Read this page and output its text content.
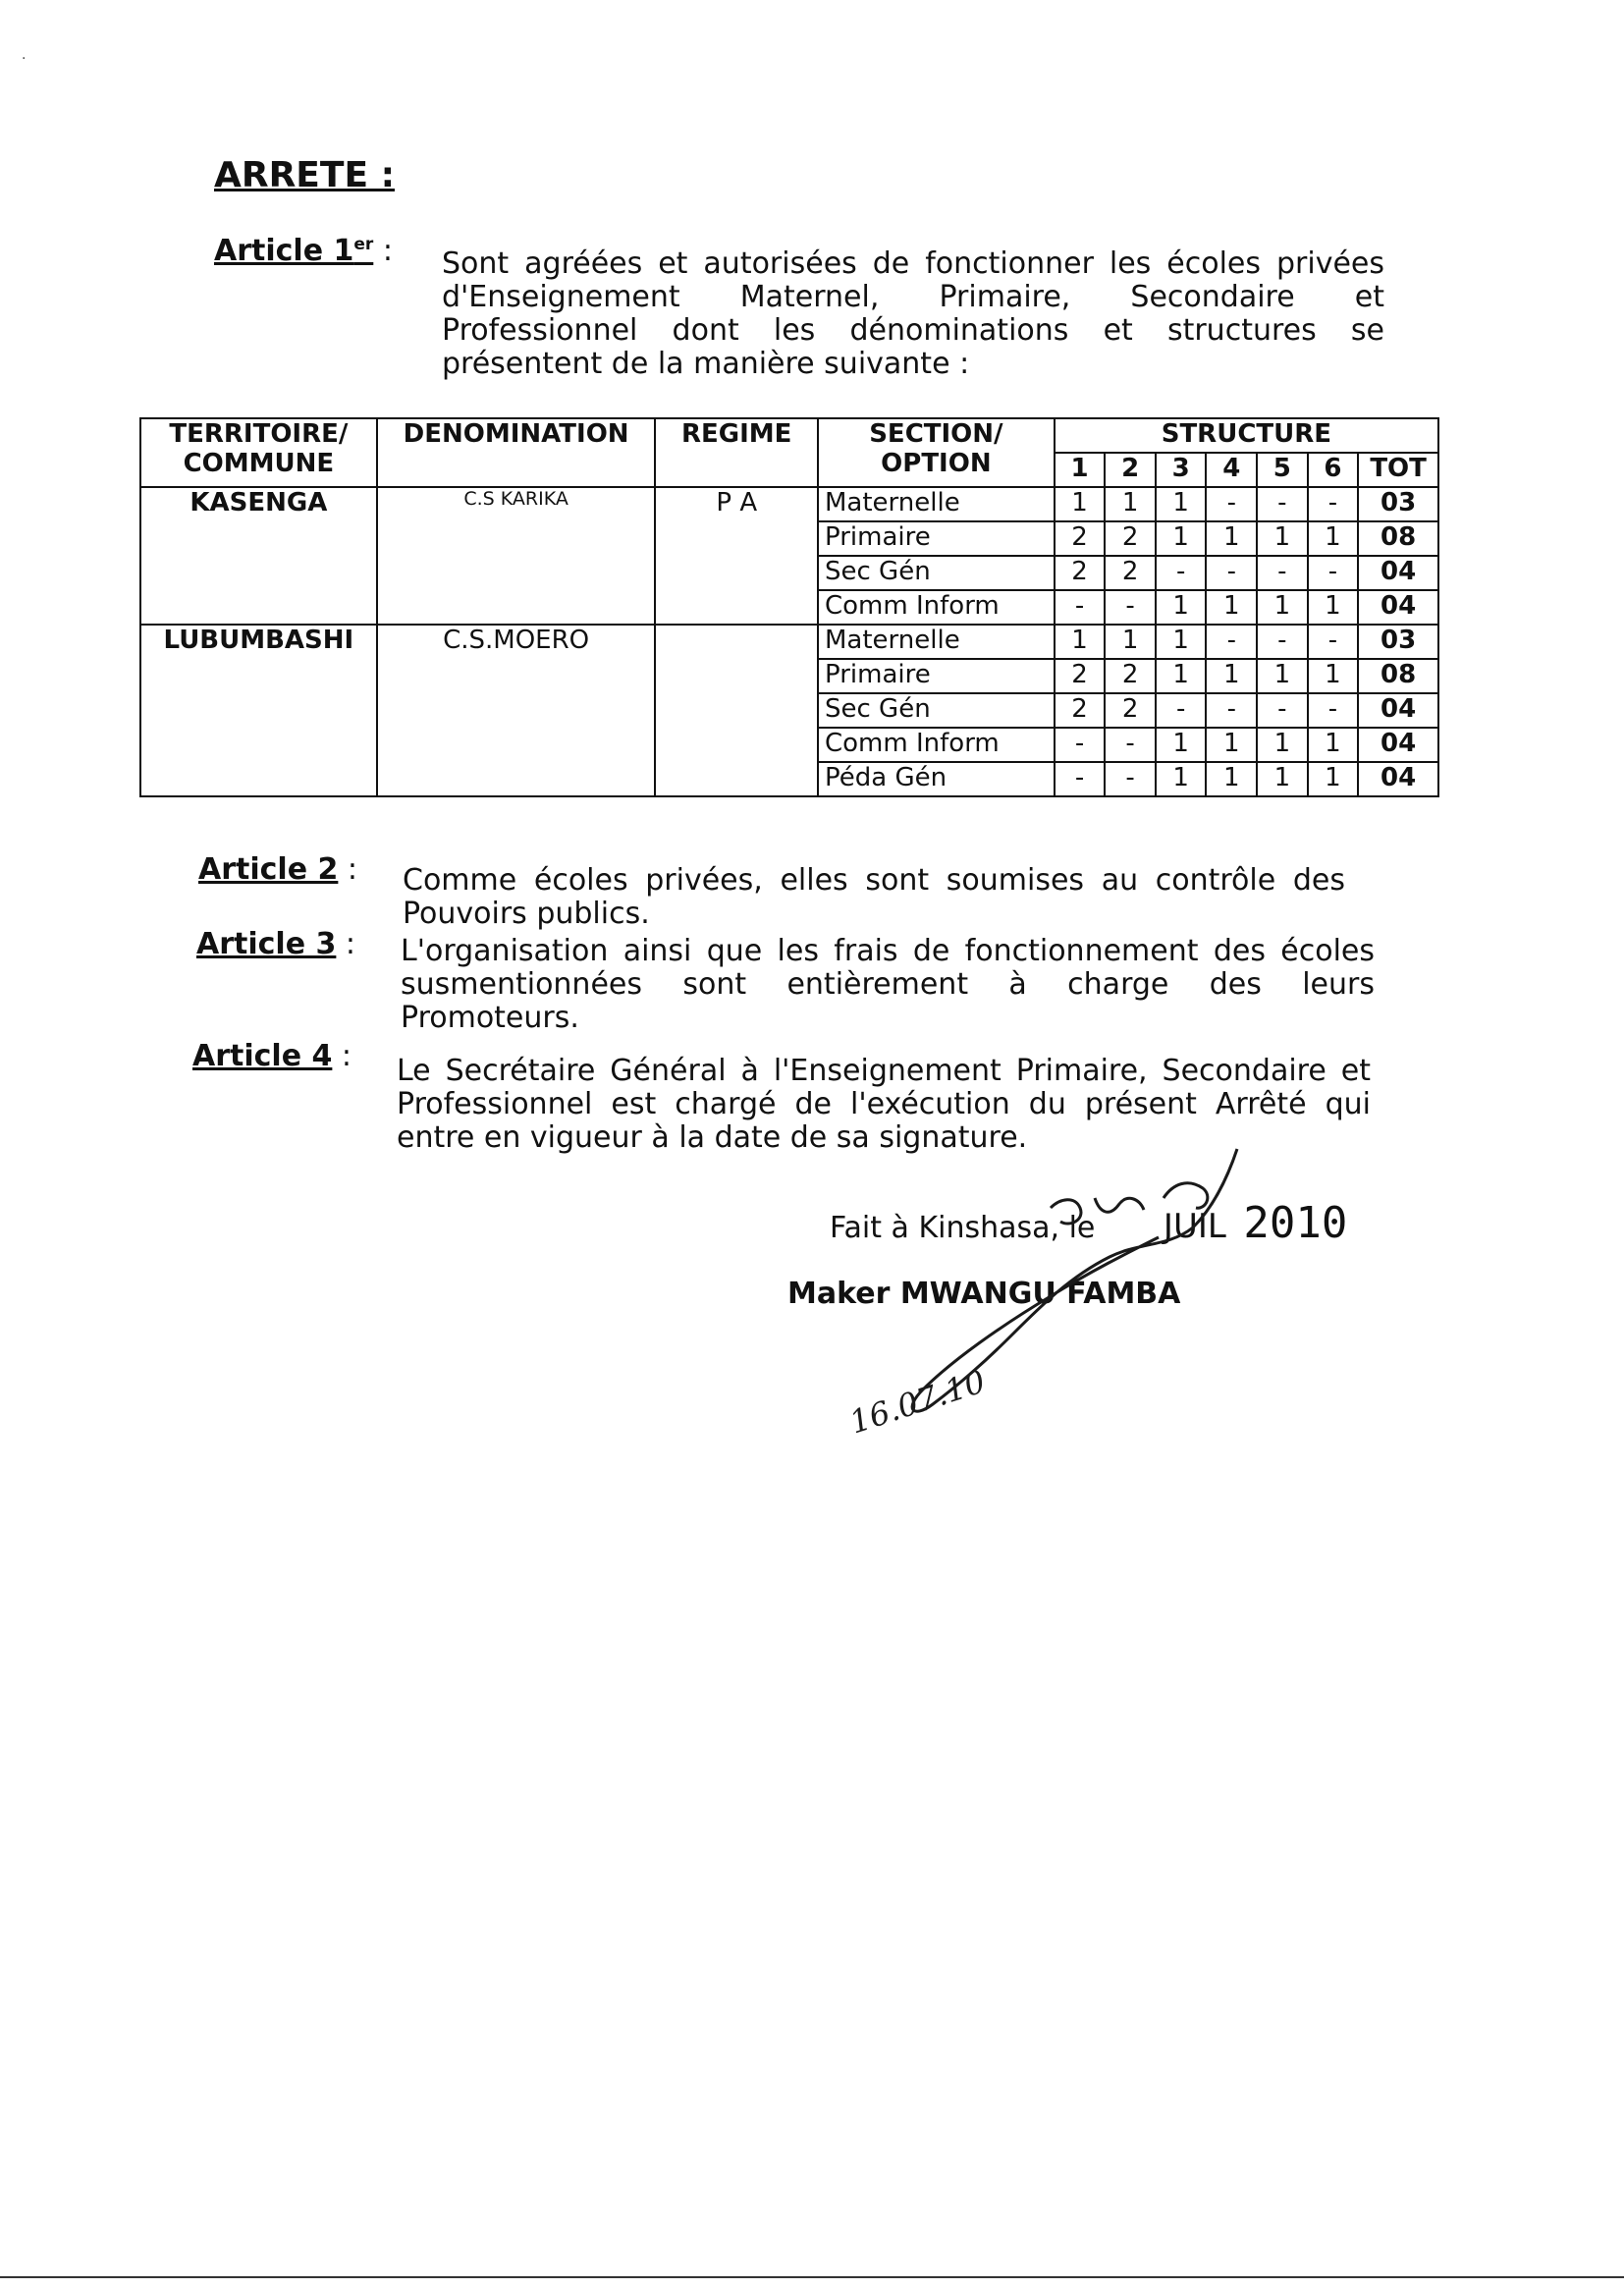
ARRETE :
Article 1er : Sont agréées et autorisées de fonctionner les écoles privées d'Enseignement Maternel, Primaire, Secondaire et Professionnel dont les dénominations et structures se présentent de la manière suivante :
TERRITOIRE/ COMMUNE	DENOMINATION	REGIME	SECTION/ OPTION	STRUCTURE						
				1	2	3	4	5	6	TOT
KASENGA	C.S KARIKA	P A	Maternelle	1	1	1	-	-	-	03
			Primaire	2	2	1	1	1	1	08
			Sec Gén	2	2	-	-	-	-	04
			Comm Inform	-	-	1	1	1	1	04
LUBUMBASHI	C.S.MOERO		Maternelle	1	1	1	-	-	-	03
			Primaire	2	2	1	1	1	1	08
			Sec Gén	2	2	-	-	-	-	04
			Comm Inform	-	-	1	1	1	1	04
			Péda Gén	-	-	1	1	1	1	04
Article 2 : Comme écoles privées, elles sont soumises au contrôle des Pouvoirs publics.
Article 3 : L'organisation ainsi que les frais de fonctionnement des écoles susmentionnées sont entièrement à charge des leurs Promoteurs.
Article 4 : Le Secrétaire Général à l'Enseignement Primaire, Secondaire et Professionnel est chargé de l'exécution du présent Arrêté qui entre en vigueur à la date de sa signature.
Fait à Kinshasa, le JUIL 2010
Maker MWANGU FAMBA
16.07.10
·
